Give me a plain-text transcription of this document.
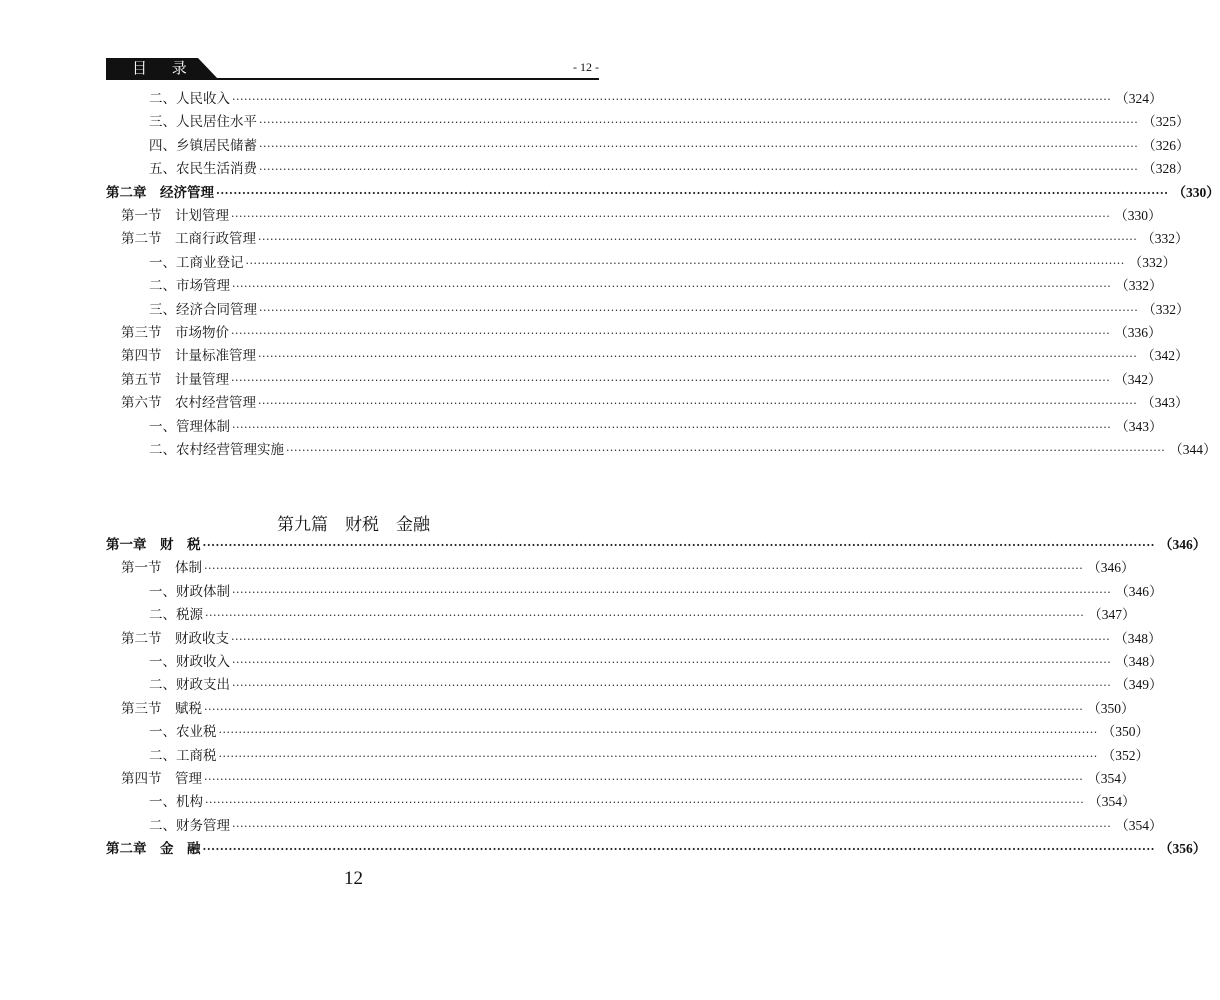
目 录	- 12 -
二、人民收入 ···························································································································································································································· （324）
三、人民居住水平 ···························································································································································································································· （325）
四、乡镇居民储蓄 ···························································································································································································································· （326）
五、农民生活消费 ···························································································································································································································· （328）
第二章　经济管理 ···························································································································································································································· （330）
第一节　计划管理 ···························································································································································································································· （330）
第二节　工商行政管理 ···························································································································································································································· （332）
一、工商业登记 ···························································································································································································································· （332）
二、市场管理 ···························································································································································································································· （332）
三、经济合同管理 ···························································································································································································································· （332）
第三节　市场物价 ···························································································································································································································· （336）
第四节　计量标准管理 ···························································································································································································································· （342）
第五节　计量管理 ···························································································································································································································· （342）
第六节　农村经营管理 ···························································································································································································································· （343）
一、管理体制 ···························································································································································································································· （343）
二、农村经营管理实施 ···························································································································································································································· （344）
第九篇　财税　金融
第一章　财　税 ···························································································································································································································· （346）
第一节　体制 ···························································································································································································································· （346）
一、财政体制 ···························································································································································································································· （346）
二、税源 ···························································································································································································································· （347）
第二节　财政收支 ···························································································································································································································· （348）
一、财政收入 ···························································································································································································································· （348）
二、财政支出 ···························································································································································································································· （349）
第三节　赋税 ···························································································································································································································· （350）
一、农业税 ···························································································································································································································· （350）
二、工商税 ···························································································································································································································· （352）
第四节　管理 ···························································································································································································································· （354）
一、机构 ···························································································································································································································· （354）
二、财务管理 ···························································································································································································································· （354）
第二章　金　融 ···························································································································································································································· （356）
12
